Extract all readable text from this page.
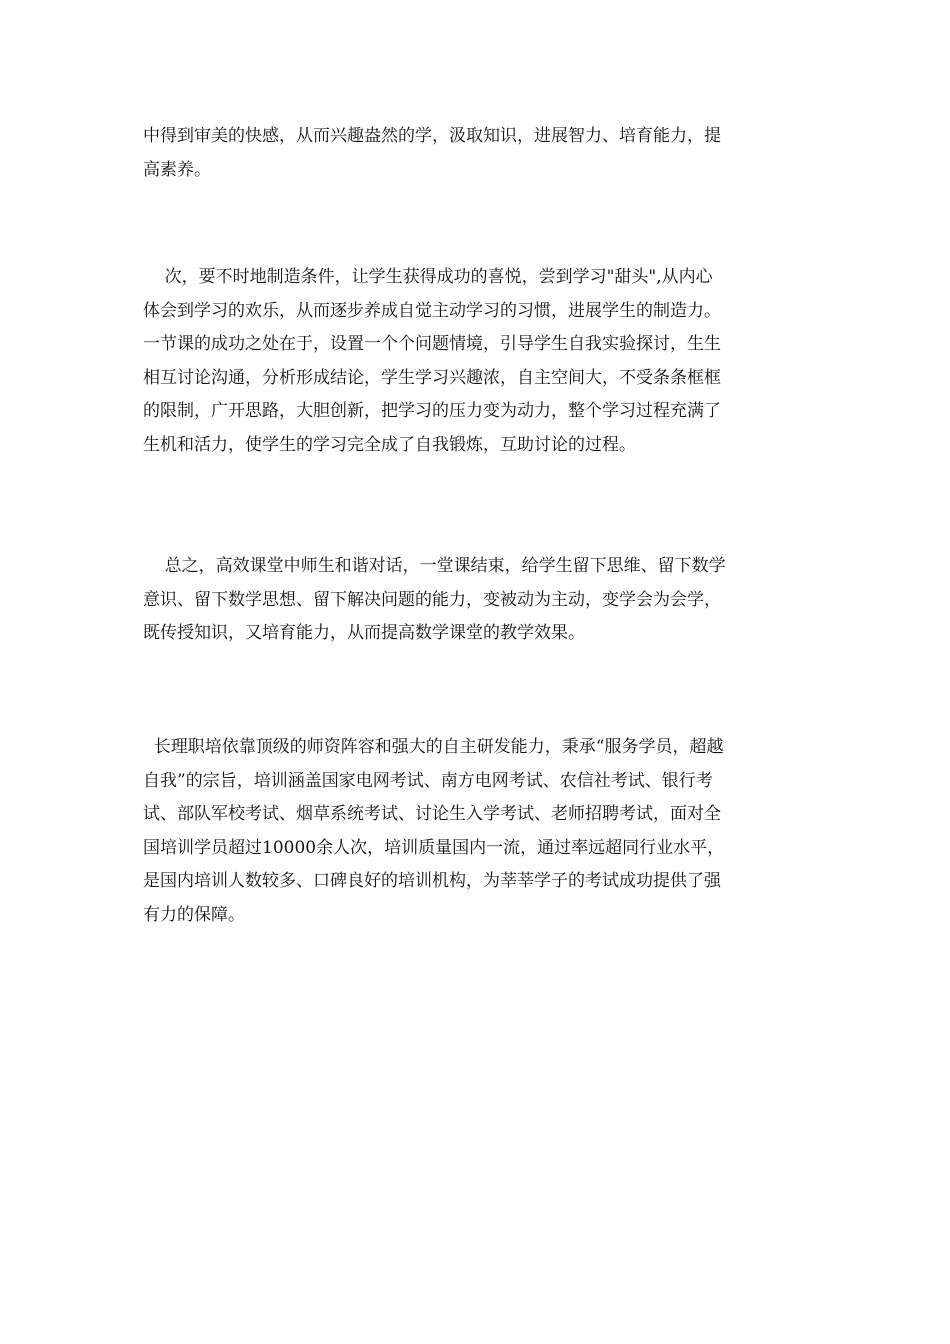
中得到审美的快感，从而兴趣盎然的学，汲取知识，进展智力、培育能力，提
高素养。

次，要不时地制造条件，让学生获得成功的喜悦，尝到学习"甜头",从内心
体会到学习的欢乐，从而逐步养成自觉主动学习的习惯，进展学生的制造力。
一节课的成功之处在于，设置一个个问题情境，引导学生自我实验探讨，生生
相互讨论沟通，分析形成结论，学生学习兴趣浓，自主空间大，不受条条框框
的限制，广开思路，大胆创新，把学习的压力变为动力，整个学习过程充满了
生机和活力，使学生的学习完全成了自我锻炼，互助讨论的过程。

总之，高效课堂中师生和谐对话，一堂课结束，给学生留下思维、留下数学
意识、留下数学思想、留下解决问题的能力，变被动为主动，变学会为会学，
既传授知识，又培育能力，从而提高数学课堂的教学效果。

长理职培依靠顶级的师资阵容和强大的自主研发能力，秉承“服务学员，超越
自我”的宗旨，培训涵盖国家电网考试、南方电网考试、农信社考试、银行考
试、部队军校考试、烟草系统考试、讨论生入学考试、老师招聘考试，面对全
国培训学员超过10000余人次，培训质量国内一流，通过率远超同行业水平，
是国内培训人数较多、口碑良好的培训机构，为莘莘学子的考试成功提供了强
有力的保障。
